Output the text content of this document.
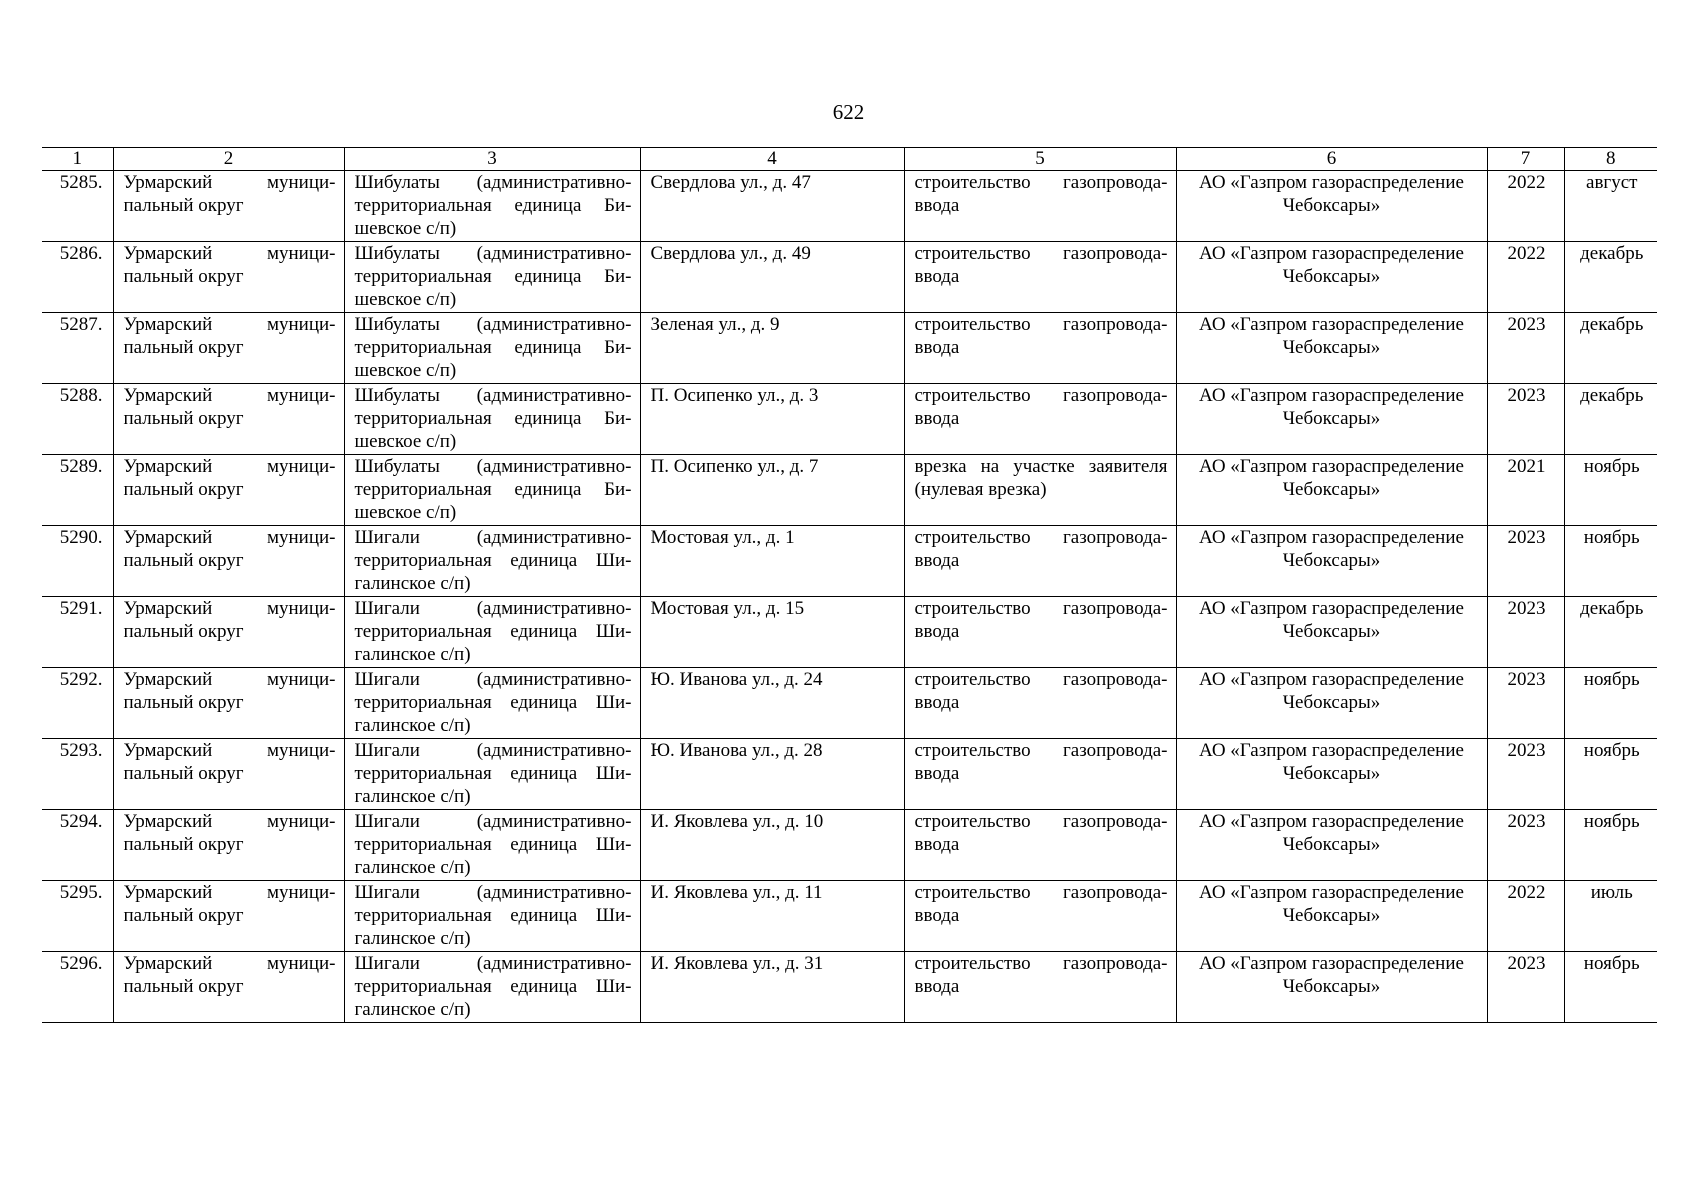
622
1	2	3	4	5	6	7	8
5285.	Урмарский муниципальный округ	Шибулаты (административно-территориальная единица Бишевское с/п)	Свердлова ул., д. 47	строительство газопровода-ввода	АО «Газпром газораспределение Чебоксары»	2022	август
5286.	Урмарский муниципальный округ	Шибулаты (административно-территориальная единица Бишевское с/п)	Свердлова ул., д. 49	строительство газопровода-ввода	АО «Газпром газораспределение Чебоксары»	2022	декабрь
5287.	Урмарский муниципальный округ	Шибулаты (административно-территориальная единица Бишевское с/п)	Зеленая ул., д. 9	строительство газопровода-ввода	АО «Газпром газораспределение Чебоксары»	2023	декабрь
5288.	Урмарский муниципальный округ	Шибулаты (административно-территориальная единица Бишевское с/п)	П. Осипенко ул., д. 3	строительство газопровода-ввода	АО «Газпром газораспределение Чебоксары»	2023	декабрь
5289.	Урмарский муниципальный округ	Шибулаты (административно-территориальная единица Бишевское с/п)	П. Осипенко ул., д. 7	врезка на участке заявителя (нулевая врезка)	АО «Газпром газораспределение Чебоксары»	2021	ноябрь
5290.	Урмарский муниципальный округ	Шигали (административно-территориальная единица Шигалинское с/п)	Мостовая ул., д. 1	строительство газопровода-ввода	АО «Газпром газораспределение Чебоксары»	2023	ноябрь
5291.	Урмарский муниципальный округ	Шигали (административно-территориальная единица Шигалинское с/п)	Мостовая ул., д. 15	строительство газопровода-ввода	АО «Газпром газораспределение Чебоксары»	2023	декабрь
5292.	Урмарский муниципальный округ	Шигали (административно-территориальная единица Шигалинское с/п)	Ю. Иванова ул., д. 24	строительство газопровода-ввода	АО «Газпром газораспределение Чебоксары»	2023	ноябрь
5293.	Урмарский муниципальный округ	Шигали (административно-территориальная единица Шигалинское с/п)	Ю. Иванова ул., д. 28	строительство газопровода-ввода	АО «Газпром газораспределение Чебоксары»	2023	ноябрь
5294.	Урмарский муниципальный округ	Шигали (административно-территориальная единица Шигалинское с/п)	И. Яковлева ул., д. 10	строительство газопровода-ввода	АО «Газпром газораспределение Чебоксары»	2023	ноябрь
5295.	Урмарский муниципальный округ	Шигали (административно-территориальная единица Шигалинское с/п)	И. Яковлева ул., д. 11	строительство газопровода-ввода	АО «Газпром газораспределение Чебоксары»	2022	июль
5296.	Урмарский муниципальный округ	Шигали (административно-территориальная единица Шигалинское с/п)	И. Яковлева ул., д. 31	строительство газопровода-ввода	АО «Газпром газораспределение Чебоксары»	2023	ноябрь
